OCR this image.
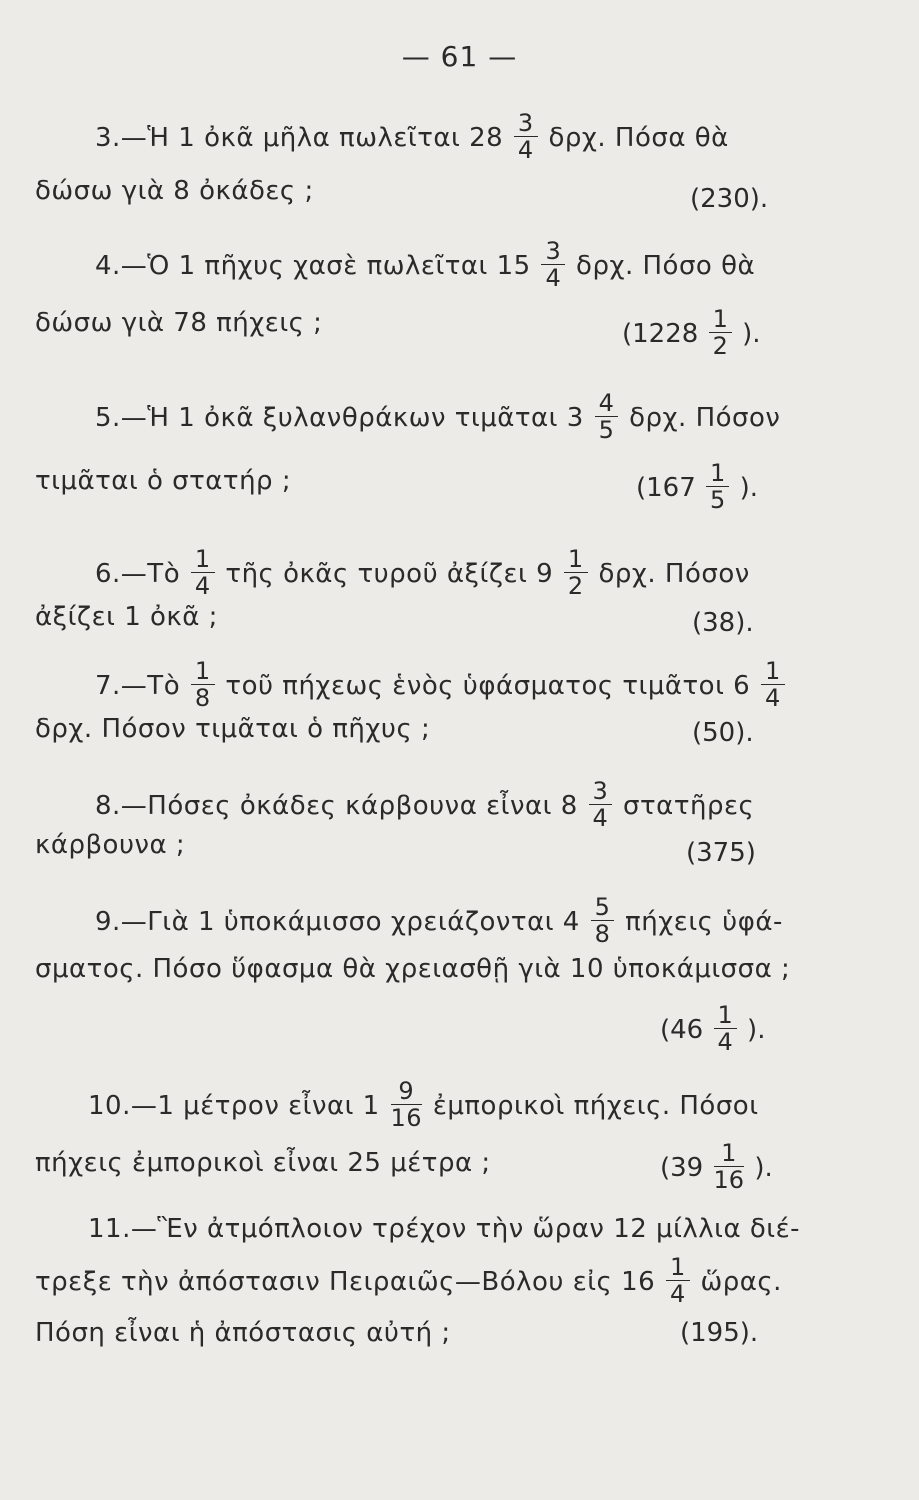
— 61 —
3.—Ἡ 1 ὀκᾶ μῆλα πωλεῖται $28 \frac{3}{4} \delta\rho\chi$. Πόσα θὰ
δώσω γιὰ 8 ὀκάδες ;	(230).
4.—Ὁ 1 πῆχυς χασὲ πωλεῖται $15 \frac{3}{4} \delta\rho\chi$. Πόσο θὰ
δώσω γιὰ 78 πήχεις ;	($1228 \frac{1}{2}$ ).
5.—Ἡ 1 ὀκᾶ ξυλανθράκων τιμᾶται $3 \frac{4}{5} \delta\rho\chi$. Πόσον
τιμᾶται ὁ στατήρ ;	($167 \frac{1}{5}$ ).
6.—Τὸ $\frac{1}{4}$ τῆς ὀκᾶς τυροῦ ἀξίζει $9 \frac{1}{2} \delta\rho\chi$. Πόσον
ἀξίζει 1 ὀκᾶ ;	(38).
7.—Τὸ $\frac{1}{8}$ τοῦ πήχεως ἑνὸς ὑφάσματος τιμᾶτοι $6 \frac{1}{4}$
δρχ. Πόσον τιμᾶται ὁ πῆχυς ;	(50).
8.—Πόσες ὀκάδες κάρβουνα εἶναι $8 \frac{3}{4}$ στατῆρες
κάρβουνα ;	(375)
9.—Γιὰ 1 ὑποκάμισσο χρειάζονται $4 \frac{5}{8}$ πήχεις ὑφά-
σματος. Πόσο ὕφασμα θὰ χρειασθῇ γιὰ 10 ὑποκάμισσα ;
($46 \frac{1}{4}$ ).
10.—1 μέτρον εἶναι $1 \frac{9}{16}$ ἐμπορικοὶ πήχεις. Πόσοι
πήχεις ἐμπορικοὶ εἶναι 25 μέτρα ;	($39 \frac{1}{16}$ ).
11.—Ἓν ἀτμόπλοιον τρέχον τὴν ὥραν 12 μίλλια διέ-
τρεξε τὴν ἀπόστασιν Πειραιῶς—Βόλου εἰς $16 \frac{1}{4}$ ὥρας.
Πόση εἶναι ἡ ἀπόστασις αὐτή ;	(195).
